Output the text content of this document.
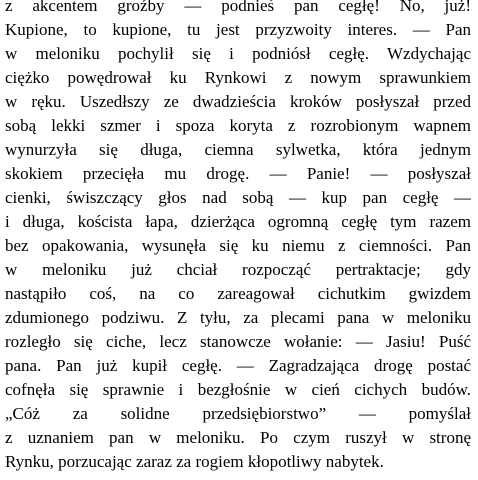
z akcentem groźby — podnieś pan cegłę! No, już!
Kupione, to kupione, tu jest przyzwoity interes. — Pan
w meloniku pochylił się i podniósł cegłę. Wzdychając
ciężko powędrował ku Rynkowi z nowym sprawunkiem
w ręku. Uszedłszy ze dwadzieścia kroków posłyszał przed
sobą lekki szmer i spoza koryta z rozrobionym wapnem
wynurzyła się długa, ciemna sylwetka, która jednym
skokiem przecięła mu drogę. — Panie! — posłyszał
cienki, świszczący głos nad sobą — kup pan cegłę —
i długa, koścista łapa, dzierżąca ogromną cegłę tym razem
bez opakowania, wysunęła się ku niemu z ciemności. Pan
w meloniku już chciał rozpocząć pertraktacje; gdy
nastąpiło coś, na co zareagował cichutkim gwizdem
zdumionego podziwu. Z tyłu, za plecami pana w meloniku
rozległo się ciche, lecz stanowcze wołanie: — Jasiu! Puść
pana. Pan już kupił cegłę. — Zagradzająca drogę postać
cofnęła się sprawnie i bezgłośnie w cień cichych budów.
„Cóż za solidne przedsiębiorstwo” — pomyślał
z uznaniem pan w meloniku. Po czym ruszył w stronę
Rynku, porzucając zaraz za rogiem kłopotliwy nabytek.
